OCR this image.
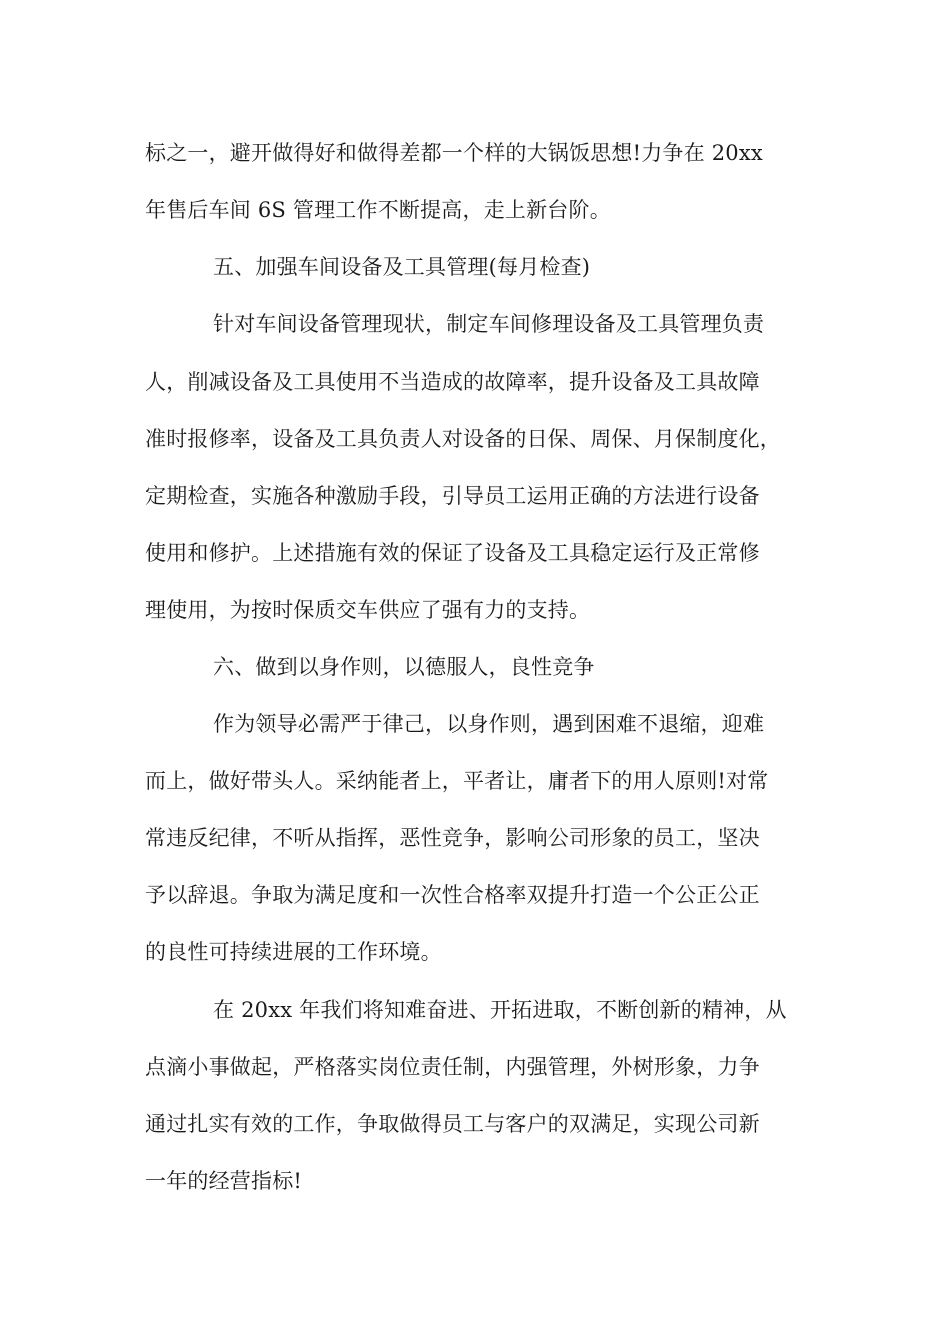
标之一，避开做得好和做得差都一个样的大锅饭思想!力争在 20xx
年售后车间 6S 管理工作不断提高，走上新台阶。
五、加强车间设备及工具管理(每月检查)
针对车间设备管理现状，制定车间修理设备及工具管理负责
人，削减设备及工具使用不当造成的故障率，提升设备及工具故障
准时报修率，设备及工具负责人对设备的日保、周保、月保制度化，
定期检查，实施各种激励手段，引导员工运用正确的方法进行设备
使用和修护。上述措施有效的保证了设备及工具稳定运行及正常修
理使用，为按时保质交车供应了强有力的支持。
六、做到以身作则，以德服人，良性竞争
作为领导必需严于律己，以身作则，遇到困难不退缩，迎难
而上，做好带头人。采纳能者上，平者让，庸者下的用人原则!对常
常违反纪律，不听从指挥，恶性竞争，影响公司形象的员工，坚决
予以辞退。争取为满足度和一次性合格率双提升打造一个公正公正
的良性可持续进展的工作环境。
在 20xx 年我们将知难奋进、开拓进取，不断创新的精神，从
点滴小事做起，严格落实岗位责任制，内强管理，外树形象，力争
通过扎实有效的工作，争取做得员工与客户的双满足，实现公司新
一年的经营指标!
